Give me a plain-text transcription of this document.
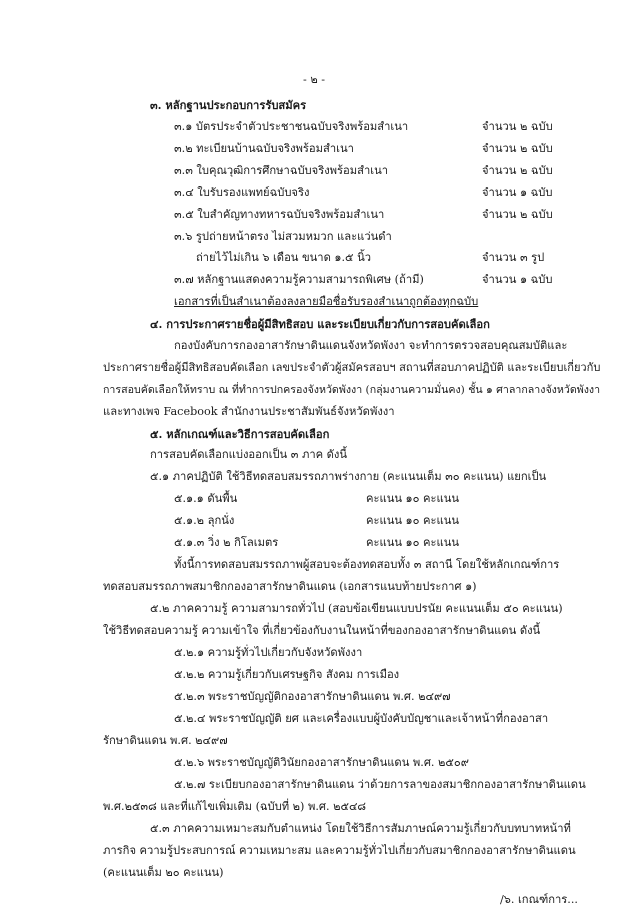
- ๒ -
๓. หลักฐานประกอบการรับสมัคร
๓.๑ บัตรประจำตัวประชาชนฉบับจริงพร้อมสำเนา	จำนวน ๒ ฉบับ
๓.๒ ทะเบียนบ้านฉบับจริงพร้อมสำเนา	จำนวน ๒ ฉบับ
๓.๓ ใบคุณวุฒิการศึกษาฉบับจริงพร้อมสำเนา	จำนวน ๒ ฉบับ
๓.๔ ใบรับรองแพทย์ฉบับจริง	จำนวน ๑ ฉบับ
๓.๕ ใบสำคัญทางทหารฉบับจริงพร้อมสำเนา	จำนวน ๒ ฉบับ
๓.๖ รูปถ่ายหน้าตรง ไม่สวมหมวก และแว่นดำ
ถ่ายไว้ไม่เกิน ๖ เดือน ขนาด ๑.๕ นิ้ว	จำนวน ๓ รูป
๓.๗ หลักฐานแสดงความรู้ความสามารถพิเศษ (ถ้ามี)	จำนวน ๑ ฉบับ
เอกสารที่เป็นสำเนาต้องลงลายมือชื่อรับรองสำเนาถูกต้องทุกฉบับ
๔. การประกาศรายชื่อผู้มีสิทธิสอบ และระเบียบเกี่ยวกับการสอบคัดเลือก
กองบังคับการกองอาสารักษาดินแดนจังหวัดพังงา จะทำการตรวจสอบคุณสมบัติและ
ประกาศรายชื่อผู้มีสิทธิสอบคัดเลือก เลขประจำตัวผู้สมัครสอบฯ สถานที่สอบภาคปฏิบัติ และระเบียบเกี่ยวกับ
การสอบคัดเลือกให้ทราบ ณ ที่ทำการปกครองจังหวัดพังงา (กลุ่มงานความมั่นคง) ชั้น ๑ ศาลากลางจังหวัดพังงา
และทางเพจ Facebook สำนักงานประชาสัมพันธ์จังหวัดพังงา
๕. หลักเกณฑ์และวิธีการสอบคัดเลือก
การสอบคัดเลือกแบ่งออกเป็น ๓ ภาค ดังนี้
๕.๑ ภาคปฏิบัติ ใช้วิธีทดสอบสมรรถภาพร่างกาย (คะแนนเต็ม ๓๐ คะแนน) แยกเป็น
๕.๑.๑ ดันพื้น	คะแนน ๑๐ คะแนน
๕.๑.๒ ลุกนั่ง	คะแนน ๑๐ คะแนน
๕.๑.๓ วิ่ง ๒ กิโลเมตร	คะแนน ๑๐ คะแนน
ทั้งนี้การทดสอบสมรรถภาพผู้สอบจะต้องทดสอบทั้ง ๓ สถานี โดยใช้หลักเกณฑ์การ
ทดสอบสมรรถภาพสมาชิกกองอาสารักษาดินแดน (เอกสารแนบท้ายประกาศ ๑)
๕.๒ ภาคความรู้ ความสามารถทั่วไป (สอบข้อเขียนแบบปรนัย คะแนนเต็ม ๕๐ คะแนน)
ใช้วิธีทดสอบความรู้ ความเข้าใจ ที่เกี่ยวข้องกับงานในหน้าที่ของกองอาสารักษาดินแดน ดังนี้
๕.๒.๑ ความรู้ทั่วไปเกี่ยวกับจังหวัดพังงา
๕.๒.๒ ความรู้เกี่ยวกับเศรษฐกิจ สังคม การเมือง
๕.๒.๓ พระราชบัญญัติกองอาสารักษาดินแดน พ.ศ. ๒๔๙๗
๕.๒.๔ พระราชบัญญัติ ยศ และเครื่องแบบผู้บังคับบัญชาและเจ้าหน้าที่กองอาสา
รักษาดินแดน พ.ศ. ๒๔๙๗
๕.๒.๖ พระราชบัญญัติวินัยกองอาสารักษาดินแดน พ.ศ. ๒๕๐๙
๕.๒.๗ ระเบียบกองอาสารักษาดินแดน ว่าด้วยการลาของสมาชิกกองอาสารักษาดินแดน
พ.ศ.๒๕๓๘ และที่แก้ไขเพิ่มเติม (ฉบับที่ ๒) พ.ศ. ๒๕๔๘
๕.๓ ภาคความเหมาะสมกับตำแหน่ง โดยใช้วิธีการสัมภาษณ์ความรู้เกี่ยวกับบทบาทหน้าที่
ภารกิจ ความรู้ประสบการณ์ ความเหมาะสม และความรู้ทั่วไปเกี่ยวกับสมาชิกกองอาสารักษาดินแดน
(คะแนนเต็ม ๒๐ คะแนน)
/๖. เกณฑ์การ...
